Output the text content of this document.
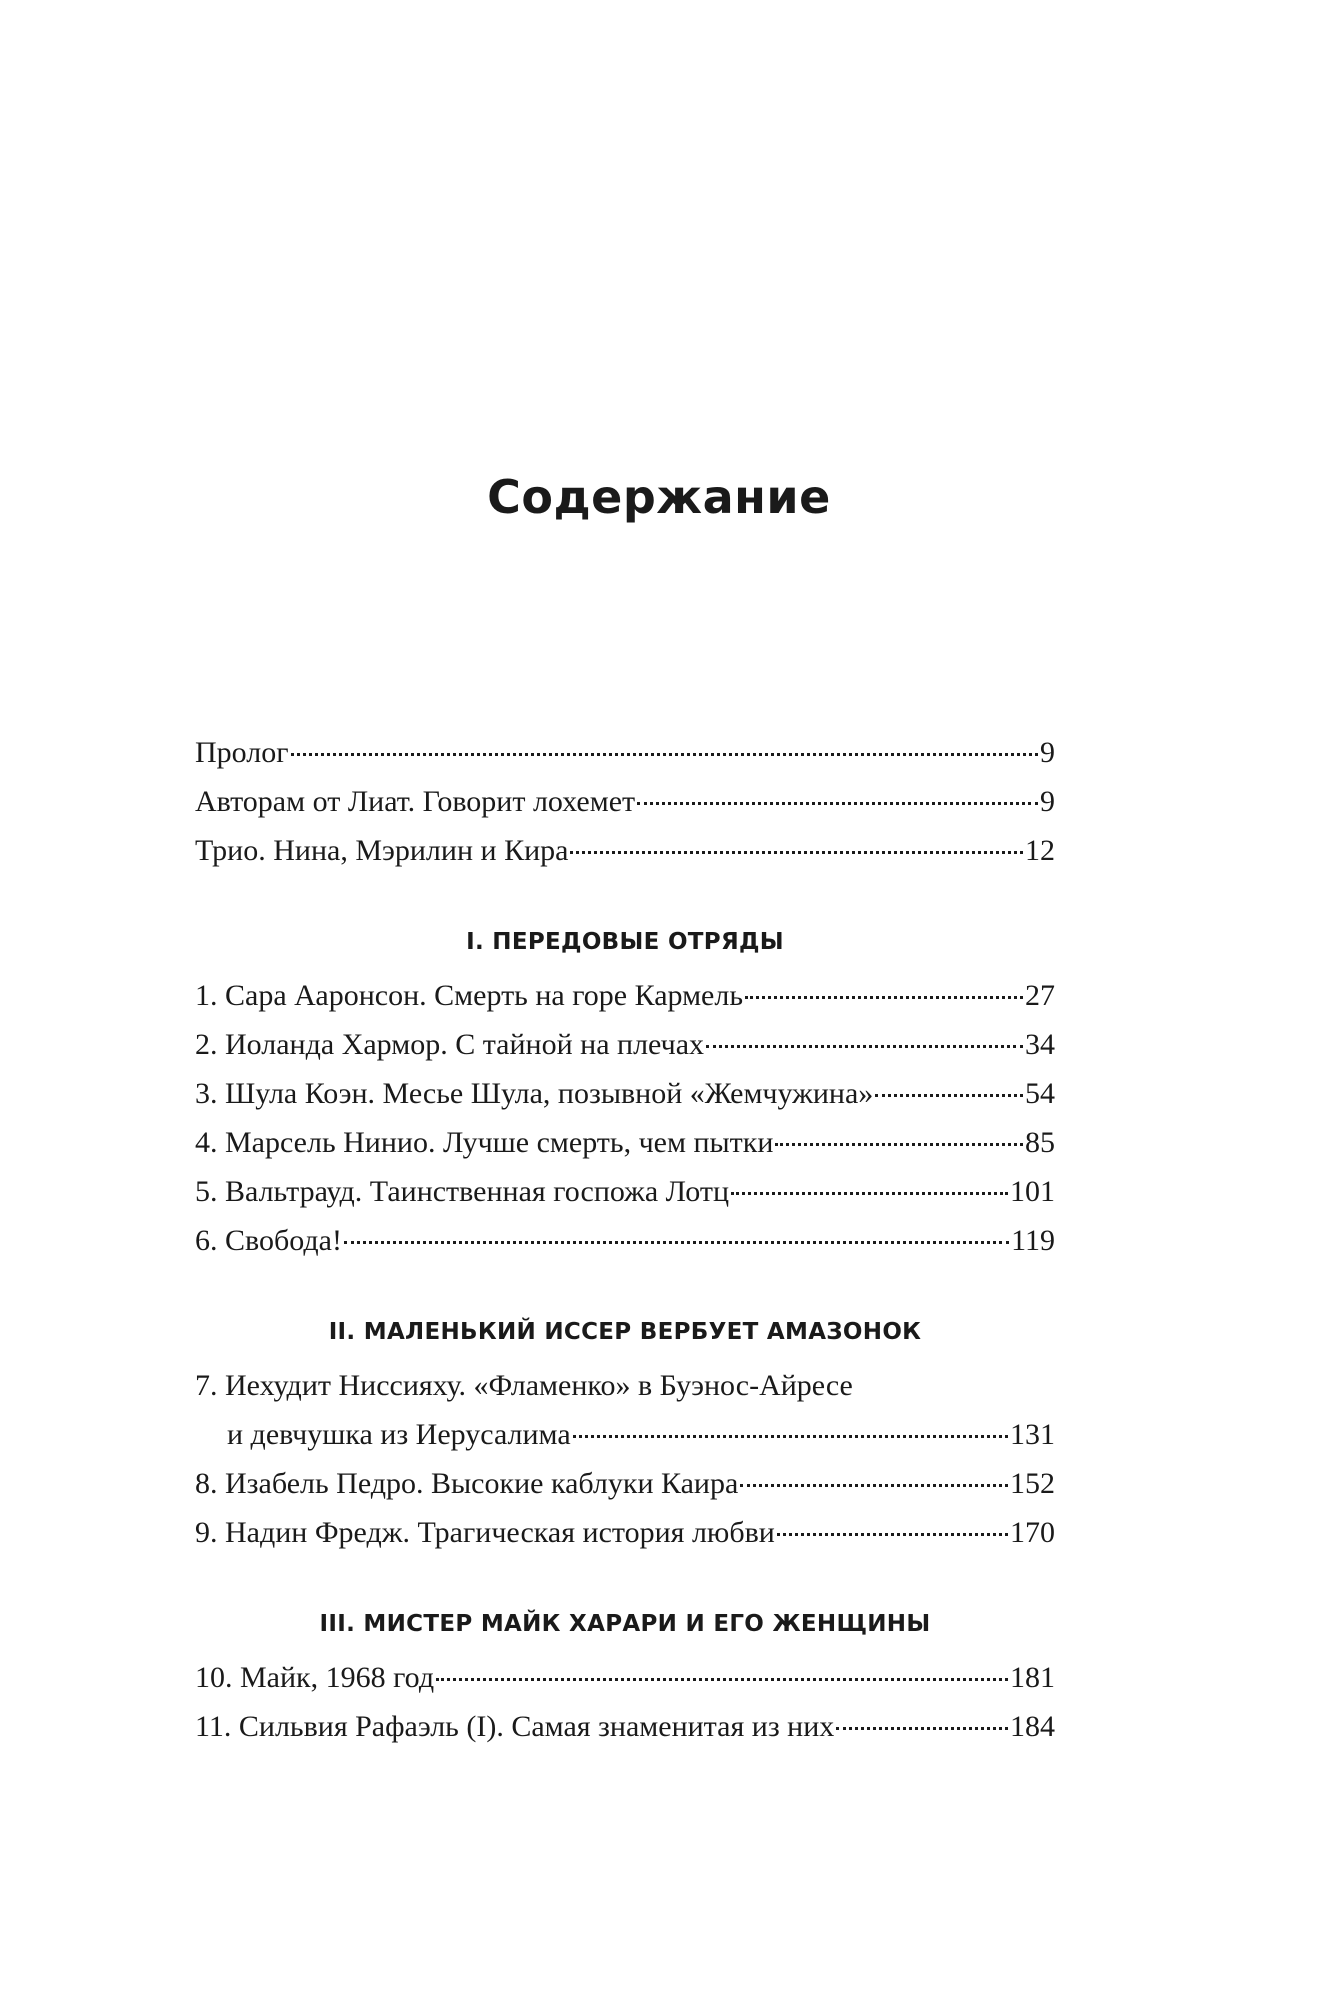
Содержание
Пролог	9
Авторам от Лиат. Говорит лохемет	9
Трио. Нина, Мэрилин и Кира	12
I. ПЕРЕДОВЫЕ ОТРЯДЫ
1. Сара Ааронсон. Смерть на горе Кармель	27
2. Иоланда Хармор. С тайной на плечах	34
3. Шула Коэн. Месье Шула, позывной «Жемчужина»	54
4. Марсель Нинио. Лучше смерть, чем пытки	85
5. Вальтрауд. Таинственная госпожа Лотц	101
6. Свобода!	119
II. МАЛЕНЬКИЙ ИССЕР ВЕРБУЕТ АМАЗОНОК
7. Иехудит Ниссияху. «Фламенко» в Буэнос-Айресе
и девчушка из Иерусалима	131
8. Изабель Педро. Высокие каблуки Каира	152
9. Надин Фредж. Трагическая история любви	170
III. МИСТЕР МАЙК ХАРАРИ И ЕГО ЖЕНЩИНЫ
10. Майк, 1968 год	181
11. Сильвия Рафаэль (I). Самая знаменитая из них	184
